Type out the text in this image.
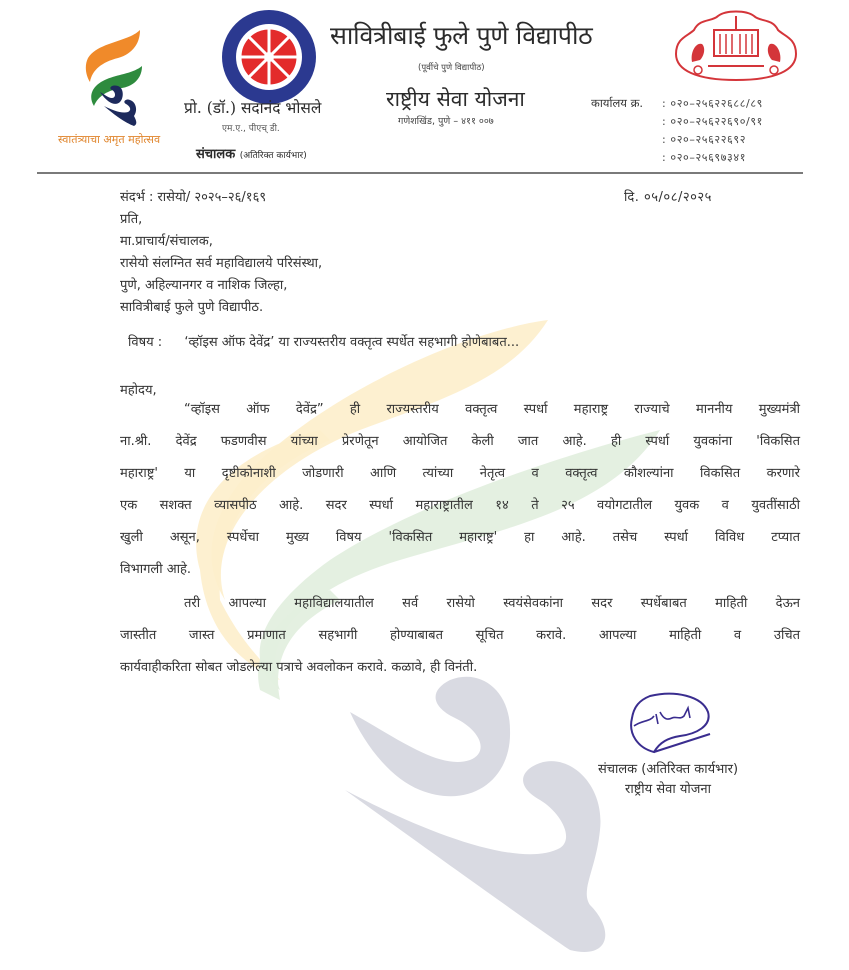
स्वातंत्र्याचा अमृत महोत्सव
सावित्रीबाई फुले पुणे विद्यापीठ
(पूर्वीचे पुणे विद्यापीठ)
राष्ट्रीय सेवा योजना
गणेशखिंड, पुणे – ४११ ००७
प्रो. (डॉ.) सदानंद भोसले
एम.ए., पीएच् डी.
संचालक (अतिरिक्त कार्यभार)
कार्यालय क्र. : ०२०–२५६२२६८८/८९
: ०२०–२५६२२६९०/९१
: ०२०–२५६२२६९२
: ०२०–२५६९७३४१
संदर्भ : रासेयो/ २०२५–२६/१६९	दि. ०५/०८/२०२५
प्रति,
मा.प्राचार्य/संचालक,
रासेयो संलग्नित सर्व महाविद्यालये परिसंस्था,
पुणे, अहिल्यानगर व नाशिक जिल्हा,
सावित्रीबाई फुले पुणे विद्यापीठ.
विषय : ‘व्हॉइस ऑफ देवेंद्र’ या राज्यस्तरीय वक्तृत्व स्पर्धेत सहभागी होणेबाबत...
महोदय,
“व्हॉइस ऑफ देवेंद्र” ही राज्यस्तरीय वक्तृत्व स्पर्धा महाराष्ट्र राज्याचे माननीय मुख्यमंत्री
ना.श्री. देवेंद्र फडणवीस यांच्या प्रेरणेतून आयोजित केली जात आहे. ही स्पर्धा युवकांना 'विकसित
महाराष्ट्र' या दृष्टीकोनाशी जोडणारी आणि त्यांच्या नेतृत्व व वक्तृत्व कौशल्यांना विकसित करणारे
एक सशक्त व्यासपीठ आहे. सदर स्पर्धा महाराष्ट्रातील १४ ते २५ वयोगटातील युवक व युवतींसाठी
खुली असून, स्पर्धेचा मुख्य विषय 'विकसित महाराष्ट्र' हा आहे. तसेच स्पर्धा विविध टप्यात
विभागली आहे.
तरी आपल्या महाविद्यालयातील सर्व रासेयो स्वयंसेवकांना सदर स्पर्धेबाबत माहिती देऊन
जास्तीत जास्त प्रमाणात सहभागी होण्याबाबत सूचित करावे. आपल्या माहिती व उचित
कार्यवाहीकरिता सोबत जोडलेल्या पत्राचे अवलोकन करावे. कळावे, ही विनंती.
संचालक (अतिरिक्त कार्यभार)
राष्ट्रीय सेवा योजना
